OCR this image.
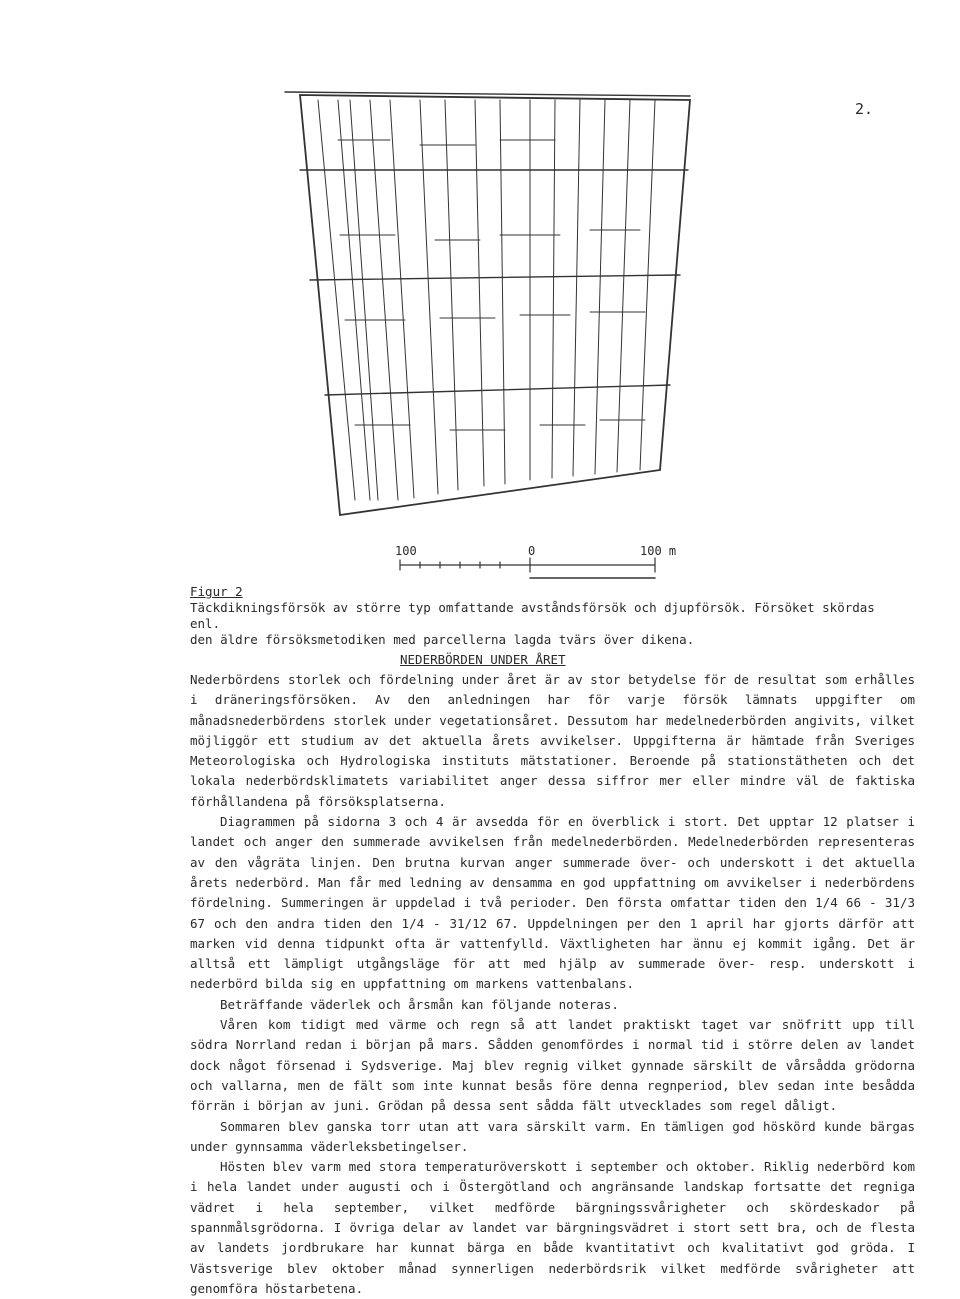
2.
100	0	100 m
Figur 2
Täckdikningsförsök av större typ omfattande avståndsförsök och djupförsök. Försöket skördas enl.
den äldre försöksmetodiken med parcellerna lagda tvärs över dikena.
NEDERBÖRDEN UNDER ÅRET

Nederbördens storlek och fördelning under året är av stor betydelse för de resultat som erhålles i dräneringsförsöken. Av den anledningen har för varje försök lämnats uppgifter om månadsnederbördens storlek under vegetationsåret. Dessutom har medelnederbörden angivits, vilket möjliggör ett studium av det aktuella årets avvikelser. Uppgifterna är hämtade från Sveriges Meteorologiska och Hydrologiska instituts mätstationer. Beroende på stationstätheten och det lokala nederbördsklimatets variabilitet anger dessa siffror mer eller mindre väl de faktiska förhållandena på försöksplatserna.

Diagrammen på sidorna 3 och 4 är avsedda för en överblick i stort. Det upptar 12 platser i landet och anger den summerade avvikelsen från medelnederbörden. Medelnederbörden representeras av den vågräta linjen. Den brutna kurvan anger summerade över- och underskott i det aktuella årets nederbörd. Man får med ledning av densamma en god uppfattning om avvikelser i nederbördens fördelning. Summeringen är uppdelad i två perioder. Den första omfattar tiden den 1/4 66 - 31/3 67 och den andra tiden den 1/4 - 31/12 67. Uppdelningen per den 1 april har gjorts därför att marken vid denna tidpunkt ofta är vattenfylld. Växtligheten har ännu ej kommit igång. Det är alltså ett lämpligt utgångsläge för att med hjälp av summerade över- resp. underskott i nederbörd bilda sig en uppfattning om markens vattenbalans.

Beträffande väderlek och årsmån kan följande noteras.

Våren kom tidigt med värme och regn så att landet praktiskt taget var snöfritt upp till södra Norrland redan i början på mars. Sådden genomfördes i normal tid i större delen av landet dock något försenad i Sydsverige. Maj blev regnig vilket gynnade särskilt de vårsådda grödorna och vallarna, men de fält som inte kunnat besås före denna regnperiod, blev sedan inte besådda förrän i början av juni. Grödan på dessa sent sådda fält utvecklades som regel dåligt.

Sommaren blev ganska torr utan att vara särskilt varm. En tämligen god höskörd kunde bärgas under gynnsamma väderleksbetingelser.

Hösten blev varm med stora temperaturöverskott i september och oktober. Riklig nederbörd kom i hela landet under augusti och i Östergötland och angränsande landskap fortsatte det regniga vädret i hela september, vilket medförde bärgningssvårigheter och skördeskador på spannmålsgrödorna. I övriga delar av landet var bärgningsvädret i stort sett bra, och de flesta av landets jordbrukare har kunnat bärga en både kvantitativt och kvalitativt god gröda. I Västsverige blev oktober månad synnerligen nederbördsrik vilket medförde svårigheter att genomföra höstarbetena.
